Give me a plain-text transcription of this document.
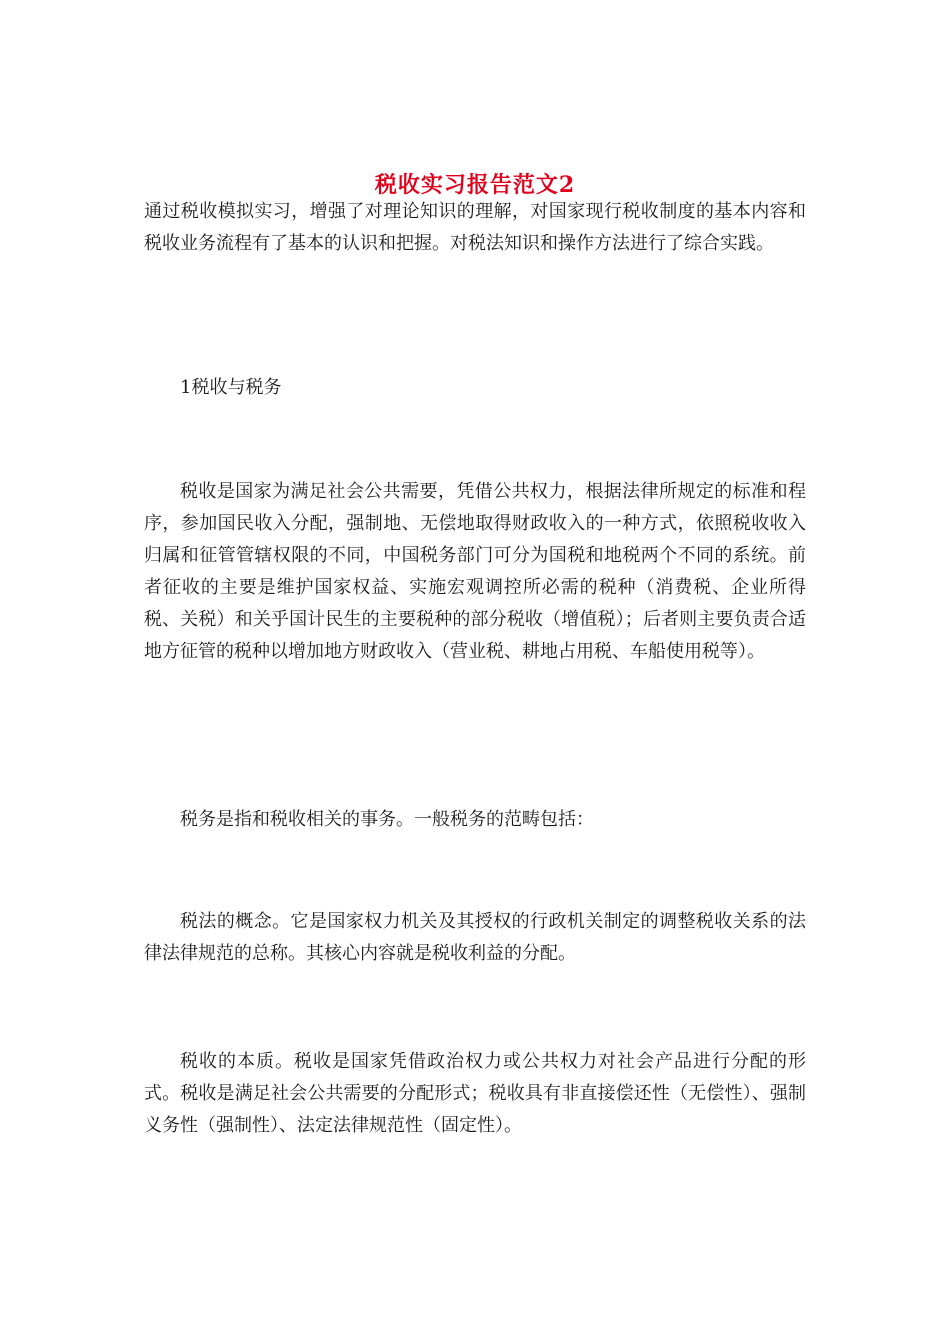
税收实习报告范文2

通过税收模拟实习，增强了对理论知识的理解，对国家现行税收制度的基本内容和税收业务流程有了基本的认识和把握。对税法知识和操作方法进行了综合实践。

1税收与税务

税收是国家为满足社会公共需要，凭借公共权力，根据法律所规定的标准和程序，参加国民收入分配，强制地、无偿地取得财政收入的一种方式，依照税收收入归属和征管管辖权限的不同，中国税务部门可分为国税和地税两个不同的系统。前者征收的主要是维护国家权益、实施宏观调控所必需的税种（消费税、企业所得税、关税）和关乎国计民生的主要税种的部分税收（增值税）；后者则主要负责合适地方征管的税种以增加地方财政收入（营业税、耕地占用税、车船使用税等）。

税务是指和税收相关的事务。一般税务的范畴包括：

税法的概念。它是国家权力机关及其授权的行政机关制定的调整税收关系的法律法律规范的总称。其核心内容就是税收利益的分配。

税收的本质。税收是国家凭借政治权力或公共权力对社会产品进行分配的形式。税收是满足社会公共需要的分配形式；税收具有非直接偿还性（无偿性）、强制义务性（强制性）、法定法律规范性（固定性）。
